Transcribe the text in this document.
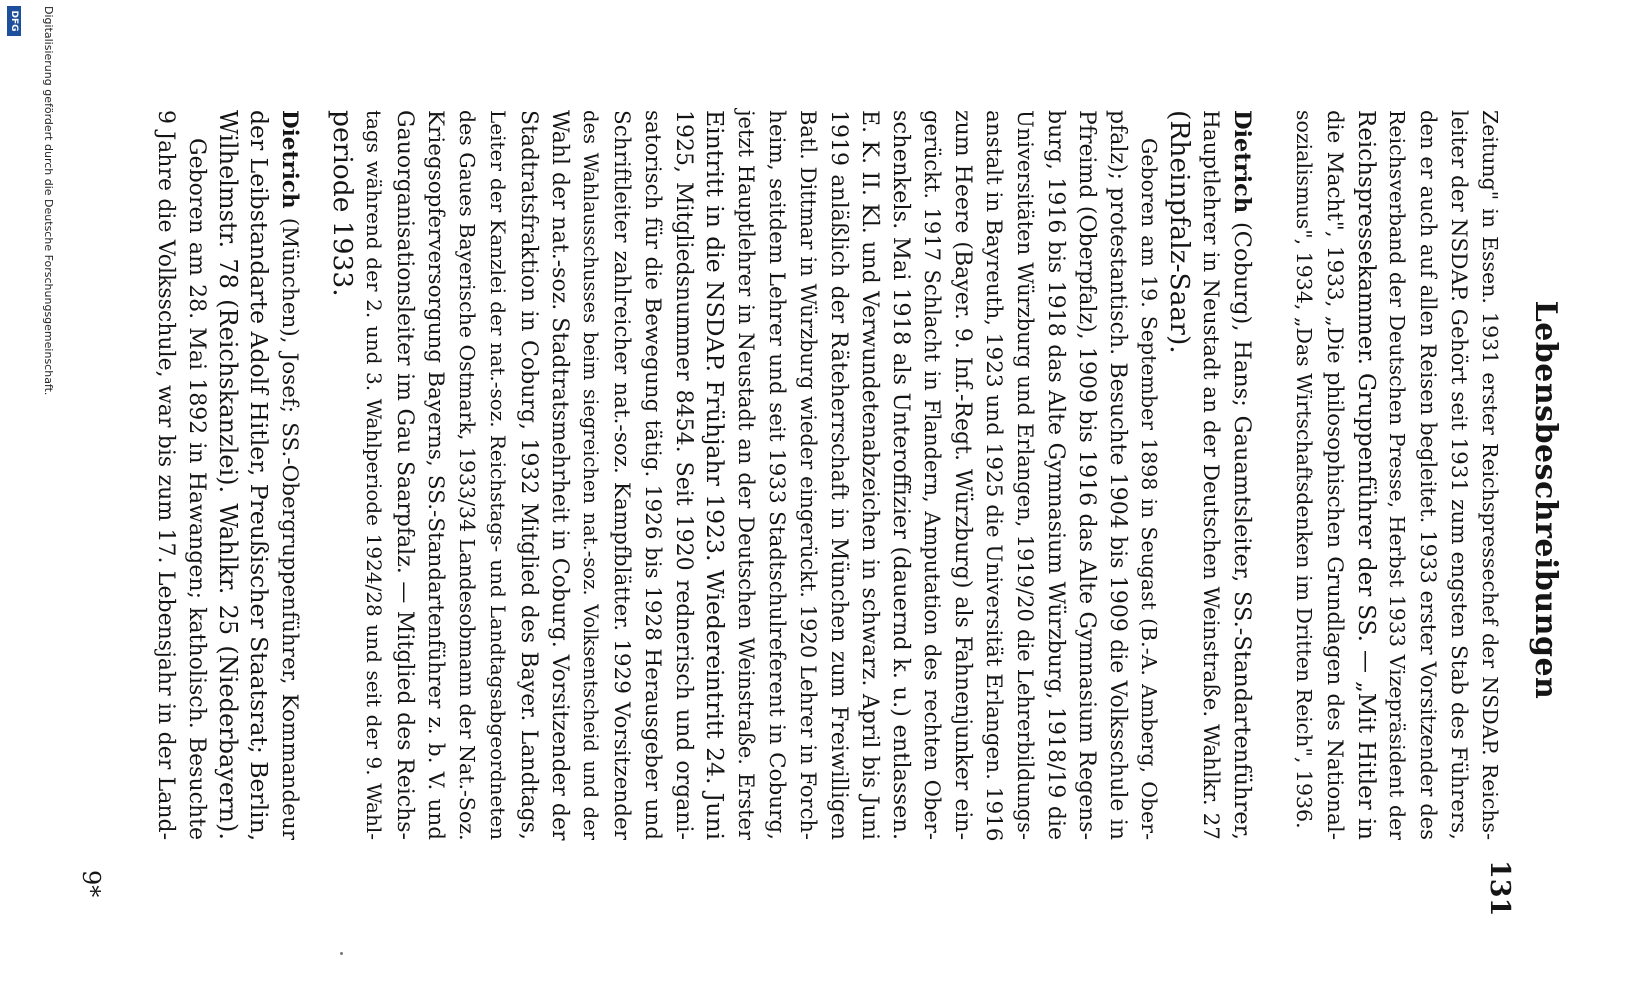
Lebensbeschreibungen
131
9*
Zeitung" in Essen. 1931 erster Reichspressechef der NSDAP. Reichs-
leiter der NSDAP. Gehört seit 1931 zum engsten Stab des Führers,
den er auch auf allen Reisen begleitet. 1933 erster Vorsitzender des
Reichsverband der Deutschen Presse, Herbst 1933 Vizepräsident der
Reichspressekammer. Gruppenführer der SS. — „Mit Hitler in
die Macht", 1933, „Die philosophischen Grundlagen des National-
sozialismus", 1934, „Das Wirtschaftsdenken im Dritten Reich", 1936.
Dietrich (Coburg), Hans; Gauamtsleiter, SS.-Standartenführer,
Hauptlehrer in Neustadt an der Deutschen Weinstraße. Wahlkr. 27
(Rheinpfalz-Saar).
Geboren am 19. September 1898 in Seugast (B.-A. Amberg, Ober-
pfalz); protestantisch. Besuchte 1904 bis 1909 die Volksschule in
Pfreimd (Oberpfalz), 1909 bis 1916 das Alte Gymnasium Regens-
burg, 1916 bis 1918 das Alte Gymnasium Würzburg, 1918/19 die
Universitäten Würzburg und Erlangen, 1919/20 die Lehrerbildungs-
anstalt in Bayreuth, 1923 und 1925 die Universität Erlangen. 1916
zum Heere (Bayer. 9. Inf.-Regt. Würzburg) als Fahnenjunker ein-
gerückt. 1917 Schlacht in Flandern, Amputation des rechten Ober-
schenkels. Mai 1918 als Unteroffizier (dauernd k. u.) entlassen.
E. K. II. Kl. und Verwundetenabzeichen in schwarz. April bis Juni
1919 anläßlich der Räteherrschaft in München zum Freiwilligen
Batl. Dittmar in Würzburg wieder eingerückt. 1920 Lehrer in Forch-
heim, seitdem Lehrer und seit 1933 Stadtschulreferent in Coburg,
jetzt Hauptlehrer in Neustadt an der Deutschen Weinstraße. Erster
Eintritt in die NSDAP. Frühjahr 1923. Wiedereintritt 24. Juni
1925, Mitgliedsnummer 8454. Seit 1920 rednerisch und organi-
satorisch für die Bewegung tätig. 1926 bis 1928 Herausgeber und
Schriftleiter zahlreicher nat.-soz. Kampfblätter. 1929 Vorsitzender
des Wahlausschusses beim siegreichen nat.-soz. Volksentscheid und der
Wahl der nat.-soz. Stadtratsmehrheit in Coburg. Vorsitzender der
Stadtratsfraktion in Coburg, 1932 Mitglied des Bayer. Landtags,
Leiter der Kanzlei der nat.-soz. Reichstags- und Landtagsabgeordneten
des Gaues Bayerische Ostmark, 1933/34 Landesobmann der Nat.-Soz.
Kriegsopferversorgung Bayerns, SS.-Standartenführer z. b. V. und
Gauorganisationsleiter im Gau Saarpfalz. — Mitglied des Reichs-
tags während der 2. und 3. Wahlperiode 1924/28 und seit der 9. Wahl-
periode 1933.
Dietrich (München), Josef; SS.-Obergruppenführer, Kommandeur
der Leibstandarte Adolf Hitler, Preußischer Staatsrat; Berlin,
Wilhelmstr. 78 (Reichskanzlei). Wahlkr. 25 (Niederbayern).
Geboren am 28. Mai 1892 in Hawangen; katholisch. Besuchte
9 Jahre die Volksschule, war bis zum 17. Lebensjahr in der Land-
Digitalisierung gefördert durch die Deutsche Forschungsgemeinschaft.
DFG
